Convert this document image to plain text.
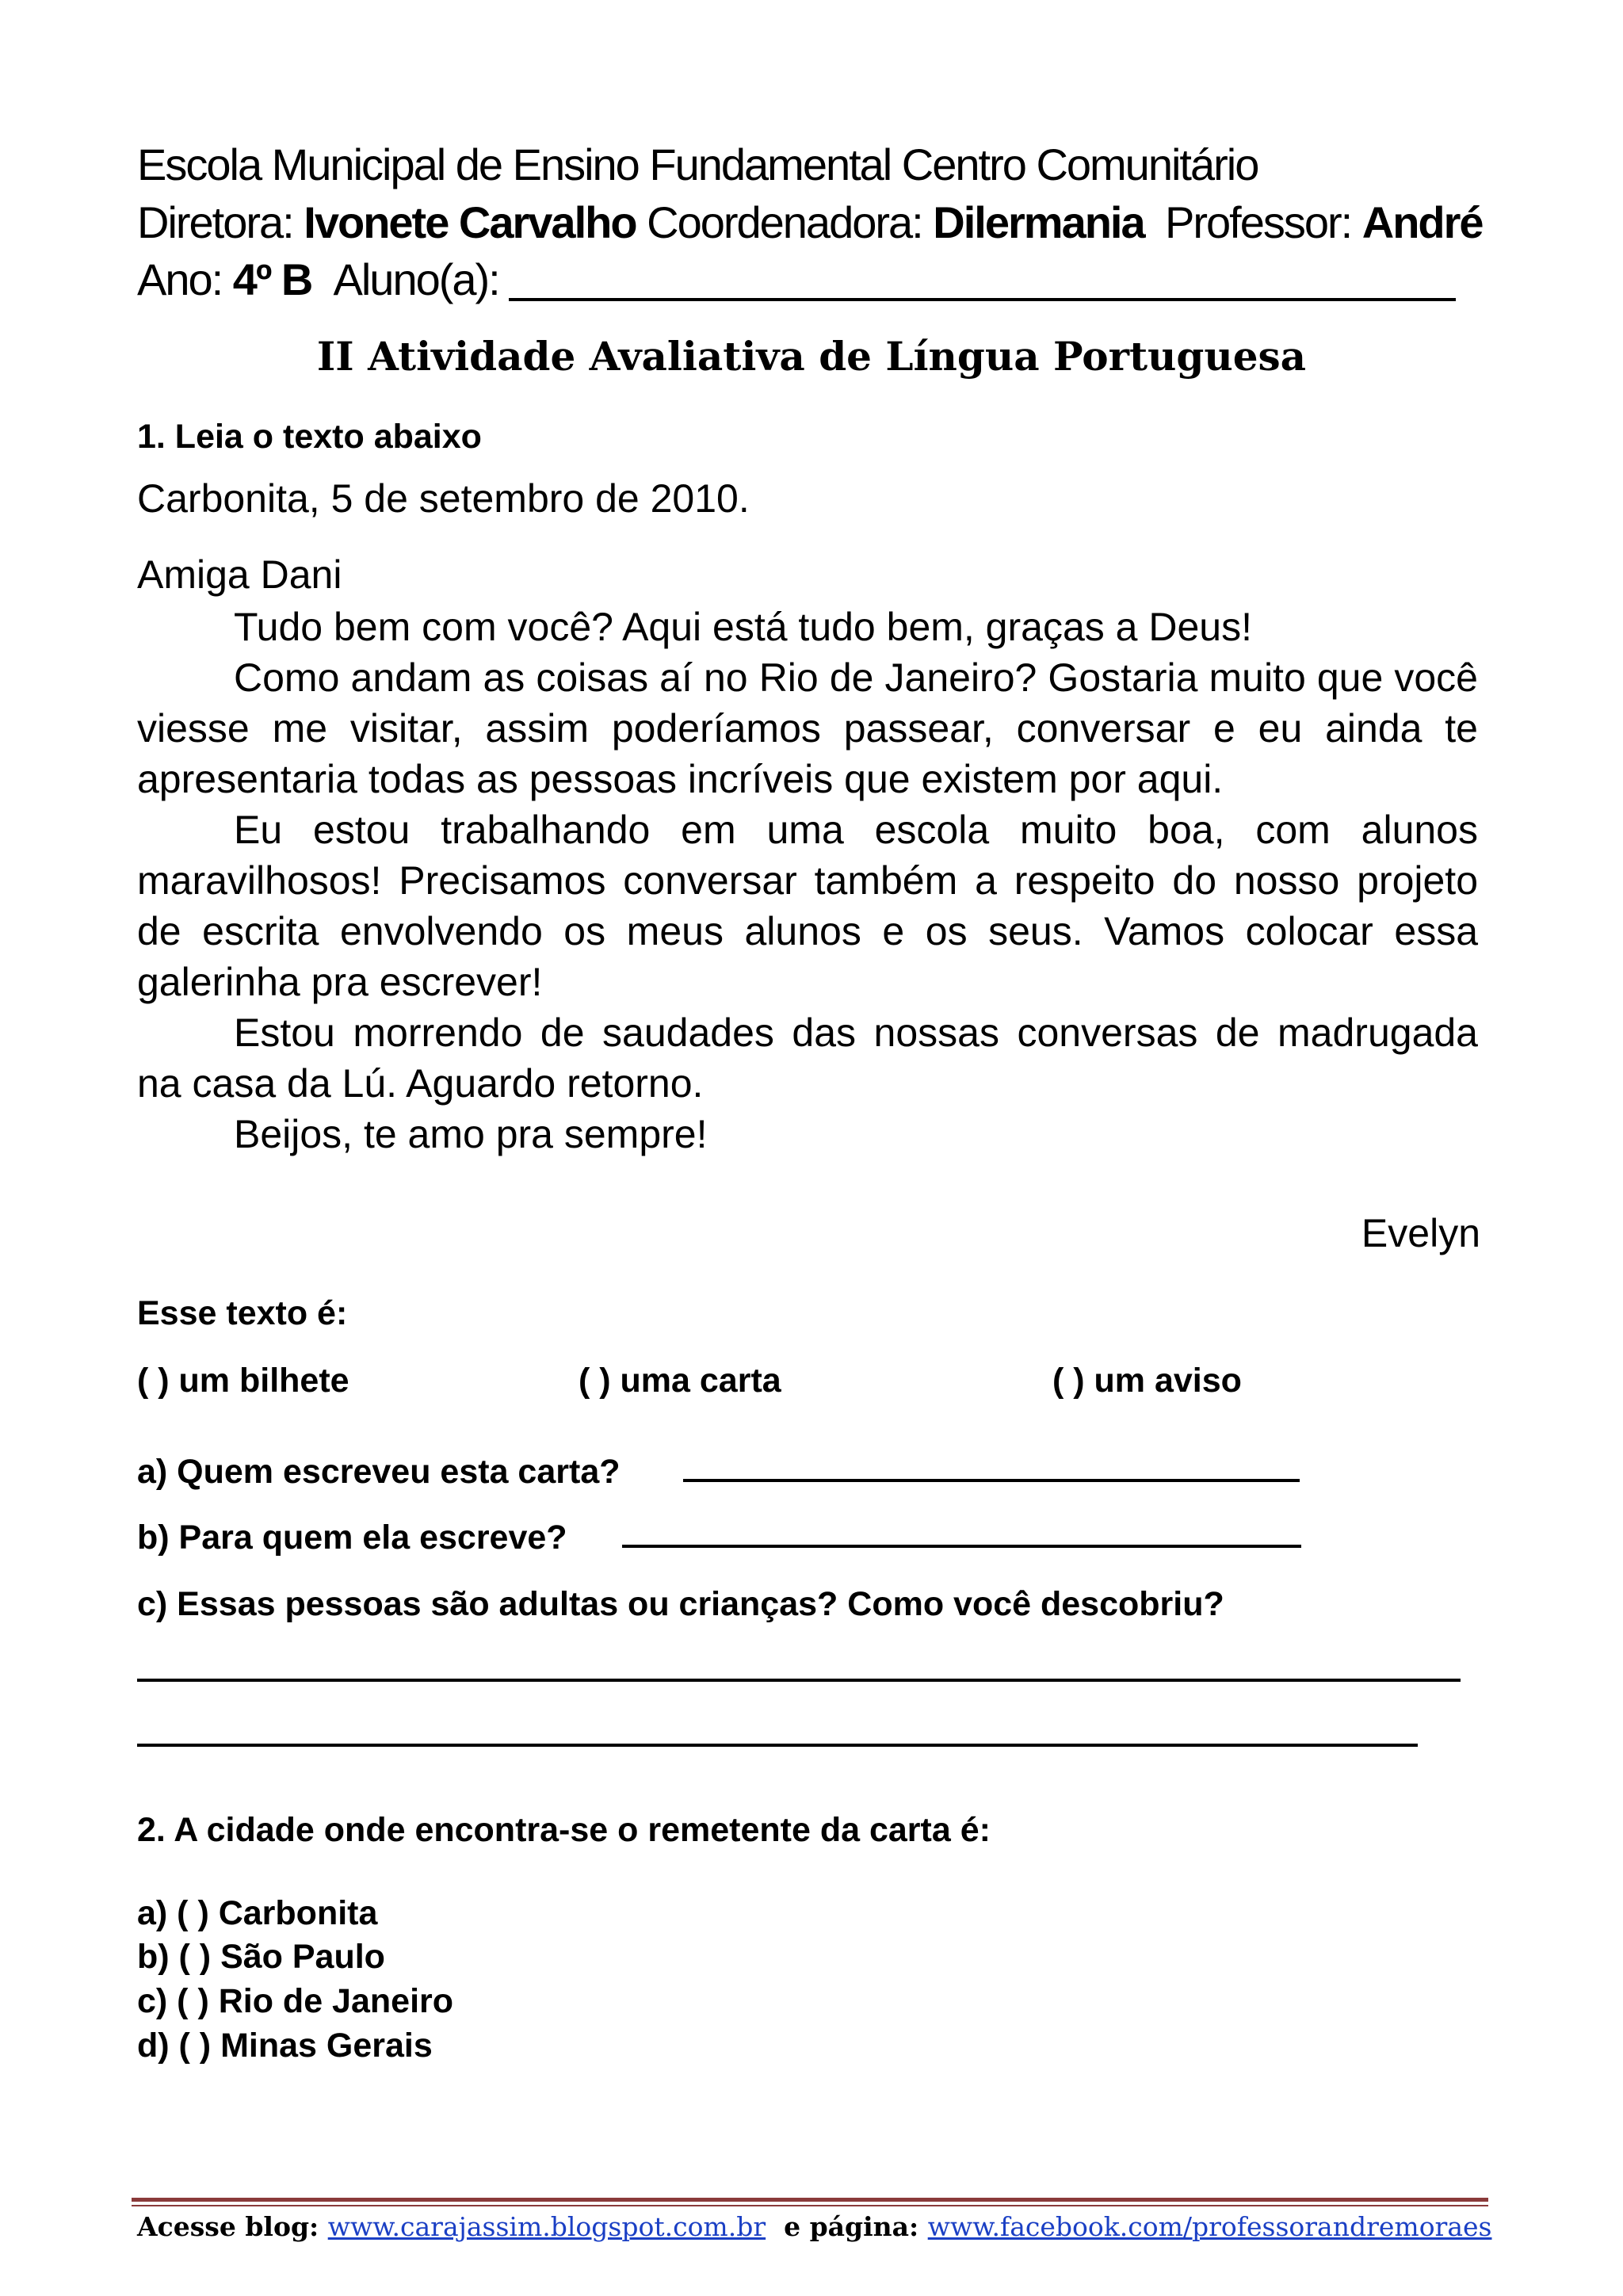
Escola Municipal de Ensino Fundamental Centro Comunitário
Diretora: Ivonete Carvalho Coordenadora: Dilermania Professor: André
Ano: 4º B Aluno(a):
II Atividade Avaliativa de Língua Portuguesa
1. Leia o texto abaixo
Carbonita, 5 de setembro de 2010.
Amiga Dani

Tudo bem com você? Aqui está tudo bem, graças a Deus!

Como andam as coisas aí no Rio de Janeiro? Gostaria muito que você viesse me visitar, assim poderíamos passear, conversar e eu ainda te apresentaria todas as pessoas incríveis que existem por aqui.

Eu estou trabalhando em uma escola muito boa, com alunos maravilhosos! Precisamos conversar também a respeito do nosso projeto de escrita envolvendo os meus alunos e os seus. Vamos colocar essa galerinha pra escrever!

Estou morrendo de saudades das nossas conversas de madrugada na casa da Lú. Aguardo retorno.

Beijos, te amo pra sempre!

Evelyn
Esse texto é:
( ) um bilhete	( ) uma carta	( ) um aviso
a) Quem escreveu esta carta?
b) Para quem ela escreve?
c) Essas pessoas são adultas ou crianças? Como você descobriu?
2. A cidade onde encontra-se o remetente da carta é:
a) ( ) Carbonita
b) ( ) São Paulo
c) ( ) Rio de Janeiro
d) ( ) Minas Gerais
Acesse blog: www.carajassim.blogspot.com.br  e página: www.facebook.com/professorandremoraes
